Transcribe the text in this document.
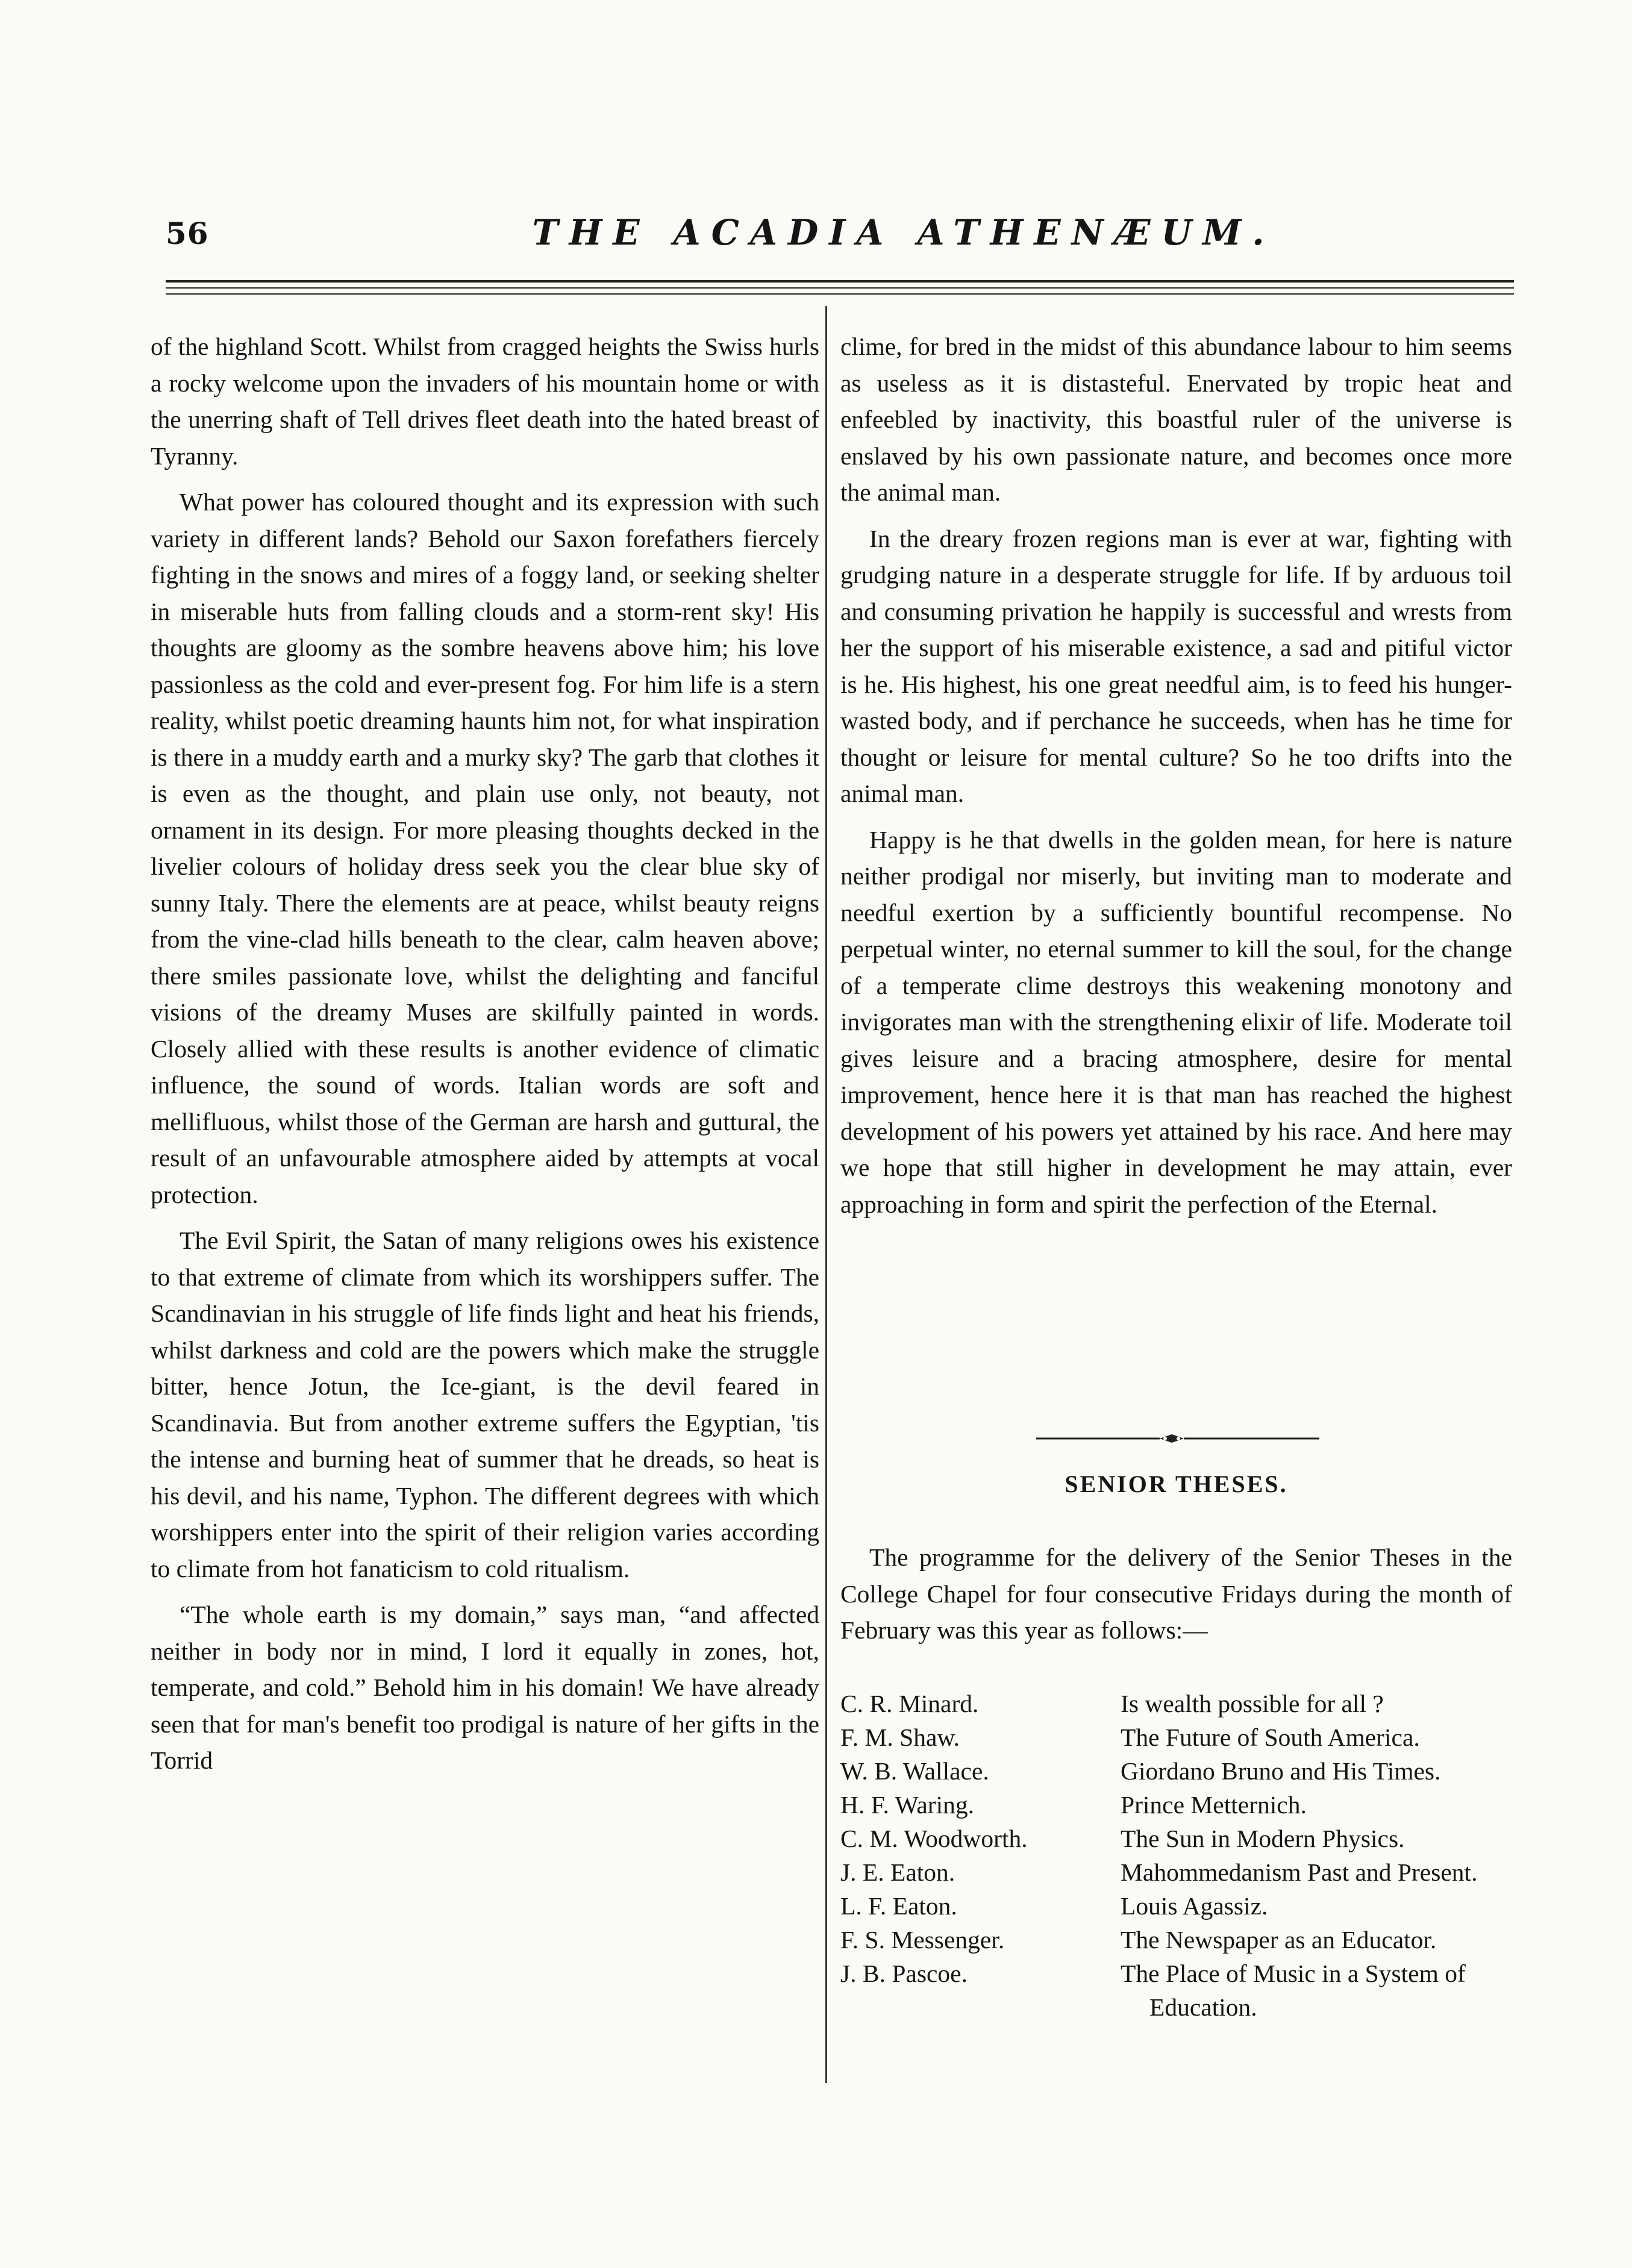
56	THE ACADIA ATHENÆUM.

of the highland Scott. Whilst from cragged heights the Swiss hurls a rocky welcome upon the invaders of his mountain home or with the unerring shaft of Tell drives fleet death into the hated breast of Tyranny.

What power has coloured thought and its expression with such variety in different lands? Behold our Saxon forefathers fiercely fighting in the snows and mires of a foggy land, or seeking shelter in miserable huts from falling clouds and a storm-rent sky! His thoughts are gloomy as the sombre heavens above him; his love passionless as the cold and ever-present fog. For him life is a stern reality, whilst poetic dreaming haunts him not, for what inspiration is there in a muddy earth and a murky sky? The garb that clothes it is even as the thought, and plain use only, not beauty, not ornament in its design. For more pleasing thoughts decked in the livelier colours of holiday dress seek you the clear blue sky of sunny Italy. There the elements are at peace, whilst beauty reigns from the vine-clad hills beneath to the clear, calm heaven above; there smiles passionate love, whilst the delighting and fanciful visions of the dreamy Muses are skilfully painted in words. Closely allied with these results is another evidence of climatic influence, the sound of words. Italian words are soft and mellifluous, whilst those of the German are harsh and guttural, the result of an unfavourable atmosphere aided by attempts at vocal protection.

The Evil Spirit, the Satan of many religions owes his existence to that extreme of climate from which its worshippers suffer. The Scandinavian in his struggle of life finds light and heat his friends, whilst darkness and cold are the powers which make the struggle bitter, hence Jotun, the Ice-giant, is the devil feared in Scandinavia. But from another extreme suffers the Egyptian, 'tis the intense and burning heat of summer that he dreads, so heat is his devil, and his name, Typhon. The different degrees with which worshippers enter into the spirit of their religion varies according to climate from hot fanaticism to cold ritualism.

“The whole earth is my domain,” says man, “and affected neither in body nor in mind, I lord it equally in zones, hot, temperate, and cold.” Behold him in his domain! We have already seen that for man's benefit too prodigal is nature of her gifts in the Torrid

clime, for bred in the midst of this abundance labour to him seems as useless as it is distasteful. Enervated by tropic heat and enfeebled by inactivity, this boastful ruler of the universe is enslaved by his own passionate nature, and becomes once more the animal man.

In the dreary frozen regions man is ever at war, fighting with grudging nature in a desperate struggle for life. If by arduous toil and consuming privation he happily is successful and wrests from her the support of his miserable existence, a sad and pitiful victor is he. His highest, his one great needful aim, is to feed his hunger-wasted body, and if perchance he succeeds, when has he time for thought or leisure for mental culture? So he too drifts into the animal man.

Happy is he that dwells in the golden mean, for here is nature neither prodigal nor miserly, but inviting man to moderate and needful exertion by a sufficiently bountiful recompense. No perpetual winter, no eternal summer to kill the soul, for the change of a temperate clime destroys this weakening monotony and invigorates man with the strengthening elixir of life. Moderate toil gives leisure and a bracing atmosphere, desire for mental improvement, hence here it is that man has reached the highest development of his powers yet attained by his race. And here may we hope that still higher in development he may attain, ever approaching in form and spirit the perfection of the Eternal.

SENIOR THESES.

The programme for the delivery of the Senior Theses in the College Chapel for four consecutive Fridays during the month of February was this year as follows:—

C. R. Minard.	Is wealth possible for all ?
F. M. Shaw.	The Future of South America.
W. B. Wallace.	Giordano Bruno and His Times.
H. F. Waring.	Prince Metternich.
C. M. Woodworth.	The Sun in Modern Physics.
J. E. Eaton.	Mahommedanism Past and Present.
L. F. Eaton.	Louis Agassiz.
F. S. Messenger.	The Newspaper as an Educator.
J. B. Pascoe.	The Place of Music in a System of Education.
